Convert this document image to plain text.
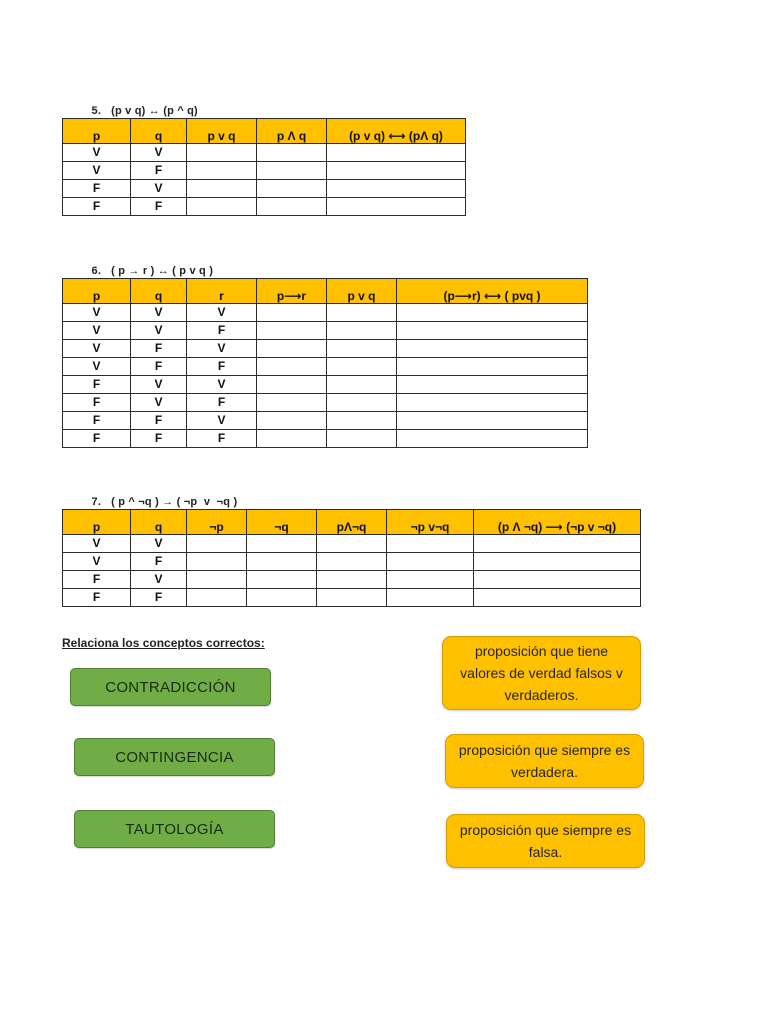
5. (p v q) ↔ (p ^ q)

p	q	p v q	p Λ q	(p v q) ⟷ (pΛ q)
V	V			
V	F			
F	V			
F	F			

6. ( p → r ) ↔ ( p v q )

p	q	r	p⟶r	p v q	(p⟶r) ⟷ ( pvq )
V	V	V			
V	V	F			
V	F	V			
V	F	F			
F	V	V			
F	V	F			
F	F	V			
F	F	F			

7. ( p ^ ¬q ) → ( ¬p  v  ¬q )

p	q	¬p	¬q	pΛ¬q	¬p v¬q	(p Λ ¬q) ⟶ (¬p v ¬q)
V	V					
V	F					
F	V					
F	F					
Relaciona los conceptos correctos:
CONTRADICCIÓN
CONTINGENCIA
TAUTOLOGÍA
proposición que tiene valores de verdad falsos v verdaderos.
proposición que siempre es verdadera.
proposición que siempre es falsa.
